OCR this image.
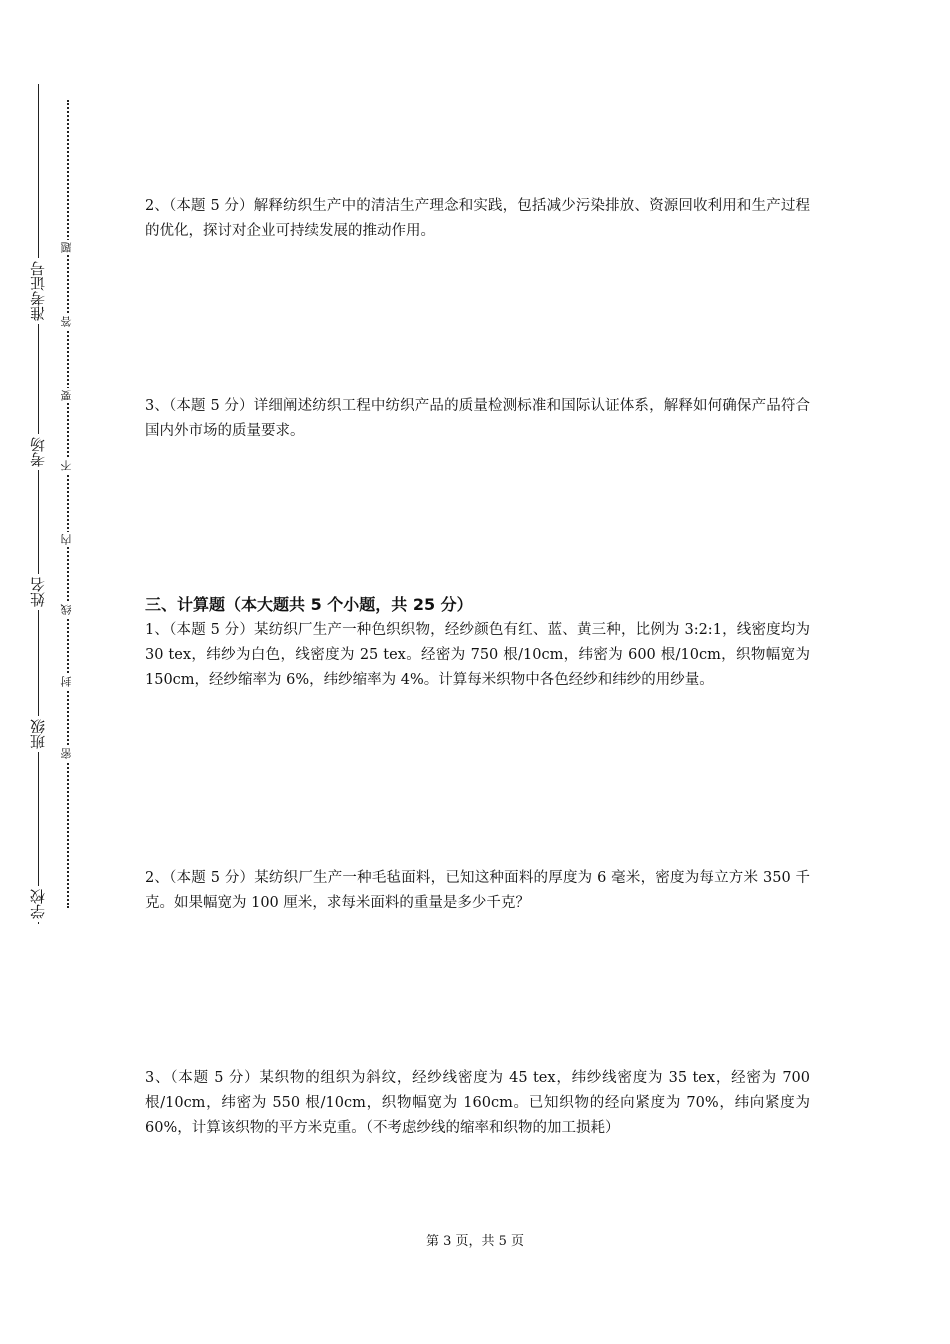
准考证号
考场
姓名
班级
学校
题
答
要
不
内
线
封
密

2、（本题 5 分）解释纺织生产中的清洁生产理念和实践，包括减少污染排放、资源回收利用和生产过程的优化，探讨对企业可持续发展的推动作用。

3、（本题 5 分）详细阐述纺织工程中纺织产品的质量检测标准和国际认证体系，解释如何确保产品符合国内外市场的质量要求。

三、计算题（本大题共 5 个小题，共 25 分）

1、（本题 5 分）某纺织厂生产一种色织织物，经纱颜色有红、蓝、黄三种，比例为 3:2:1，线密度均为 30 tex，纬纱为白色，线密度为 25 tex。经密为 750 根/10cm，纬密为 600 根/10cm，织物幅宽为 150cm，经纱缩率为 6%，纬纱缩率为 4%。计算每米织物中各色经纱和纬纱的用纱量。

2、（本题 5 分）某纺织厂生产一种毛毡面料，已知这种面料的厚度为 6 毫米，密度为每立方米 350 千克。如果幅宽为 100 厘米，求每米面料的重量是多少千克？

3、（本题 5 分）某织物的组织为斜纹，经纱线密度为 45 tex，纬纱线密度为 35 tex，经密为 700 根/10cm，纬密为 550 根/10cm，织物幅宽为 160cm。已知织物的经向紧度为 70%，纬向紧度为 60%，计算该织物的平方米克重。（不考虑纱线的缩率和织物的加工损耗）

第 3 页，共 5 页
